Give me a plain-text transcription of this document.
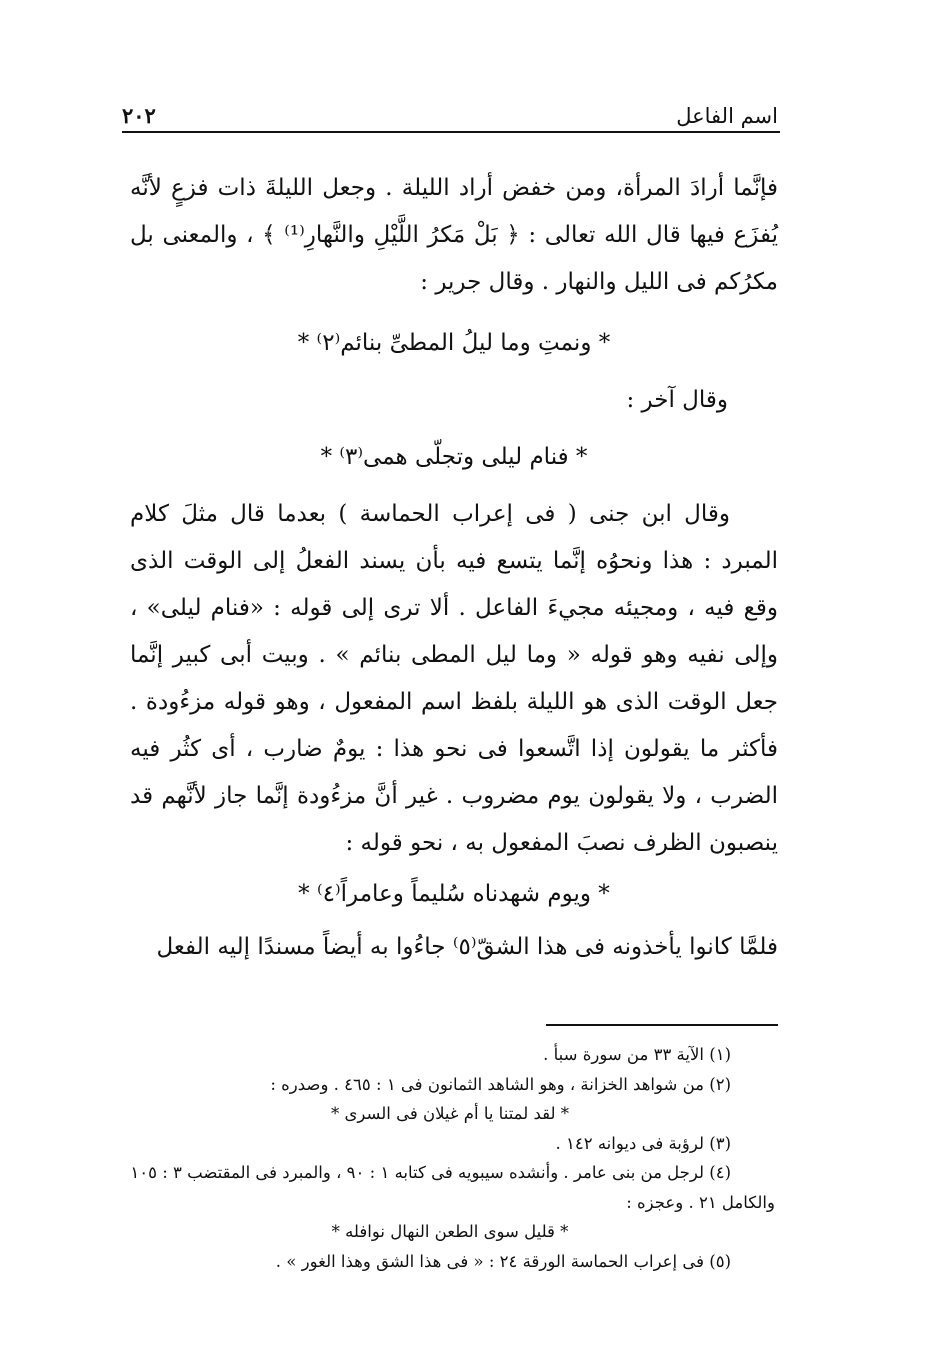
اسم الفاعل
٢٠٢

فإنَّما أرادَ المرأة، ومن خفض أراد الليلة . وجعل الليلةَ ذات فزعٍ لأنَّه يُفزَع فيها قال الله تعالى : ﴿ بَلْ مَكرُ اللَّيْلِ والنَّهارِ⁽¹⁾ ﴾ ، والمعنى بل مكرُكم فى الليل والنهار . وقال جرير :

* ونمتِ وما ليلُ المطىِّ بنائم⁽٢⁾ *

وقال آخر :

* فنام ليلى وتجلّى همى⁽٣⁾ *

وقال ابن جنى ( فى إعراب الحماسة ) بعدما قال مثلَ كلام المبرد : هذا ونحوُه إنَّما يتسع فيه بأن يسند الفعلُ إلى الوقت الذى وقع فيه ، ومجيئه مجيءَ الفاعل . ألا ترى إلى قوله : «فنام ليلى» ، وإلى نفيه وهو قوله « وما ليل المطى بنائم » . وبيت أبى كبير إنَّما جعل الوقت الذى هو الليلة بلفظ اسم المفعول ، وهو قوله مزءُودة . فأكثر ما يقولون إذا اتَّسعوا فى نحو هذا : يومٌ ضارب ، أى كثُر فيه الضرب ، ولا يقولون يوم مضروب . غير أنَّ مزءُودة إنَّما جاز لأنَّهم قد ينصبون الظرف نصبَ المفعول به ، نحو قوله :

* ويوم شهدناه سُليماً وعامراً⁽٤⁾ *

فلمَّا كانوا يأخذونه فى هذا الشقّ⁽٥⁾ جاءُوا به أيضاً مسندًا إليه الفعل

(١) الآية ٣٣ من سورة سبأ .

(٢) من شواهد الخزانة ، وهو الشاهد الثمانون فى ١ : ٤٦٥ . وصدره :

* لقد لمتنا يا أم غيلان فى السرى *

(٣) لرؤبة فى ديوانه ١٤٢ .

(٤) لرجل من بنى عامر . وأنشده سيبويه فى كتابه ١ : ٩٠ ، والمبرد فى المقتضب ٣ : ١٠٥

والكامل ٢١ . وعجزه :

* قليل سوى الطعن النهال نوافله *

(٥) فى إعراب الحماسة الورقة ٢٤ : « فى هذا الشق وهذا الغور » .
